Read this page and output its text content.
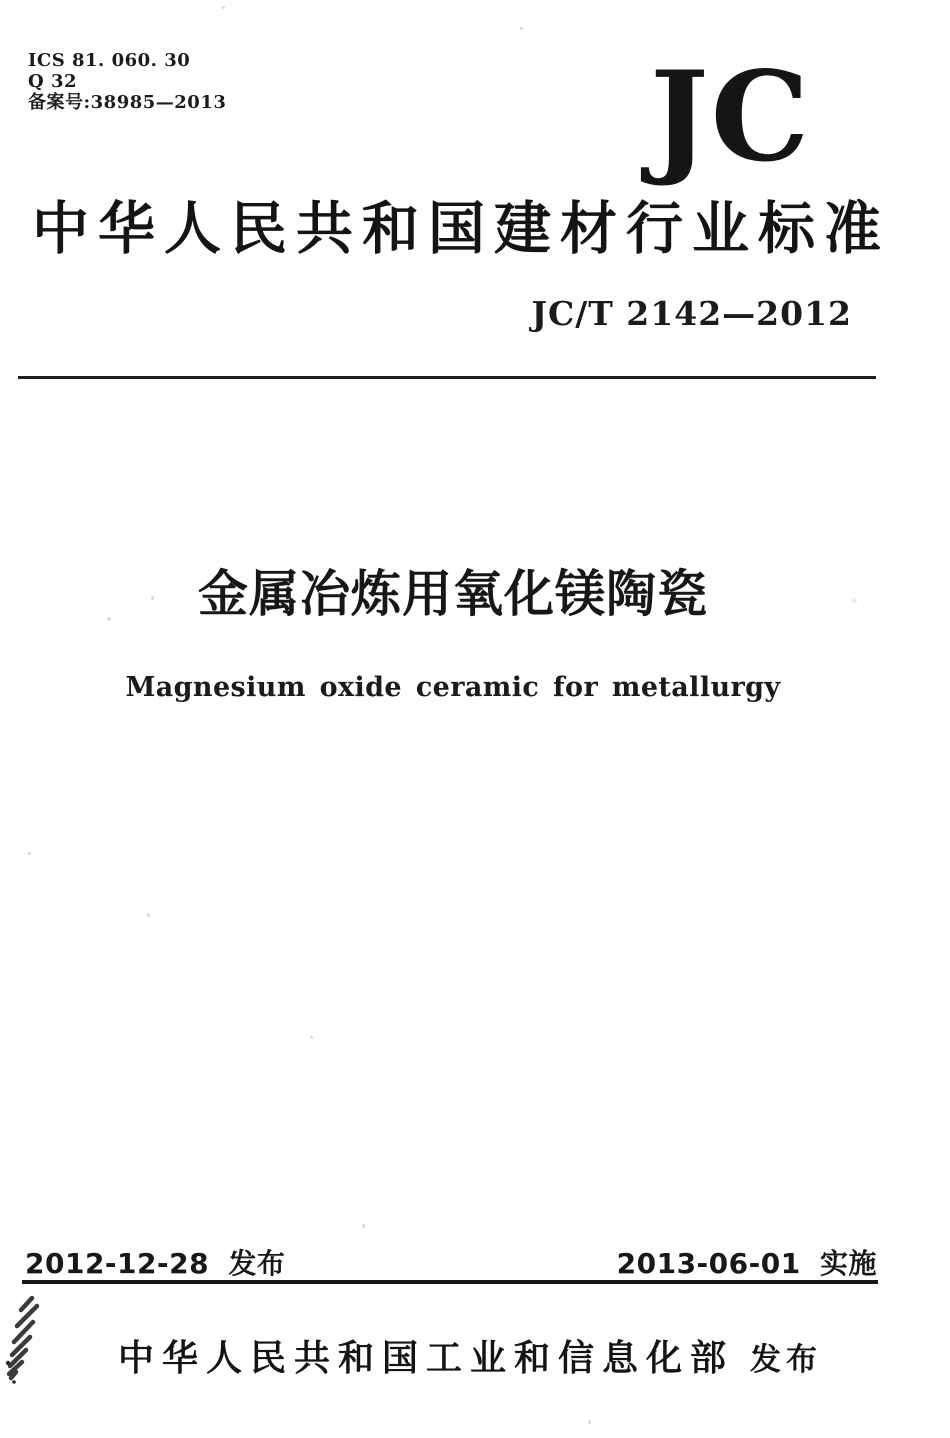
ICS 81. 060. 30
Q 32
备案号:38985—2013	JC
中华人民共和国建材行业标准
JC/T 2142—2012
金属冶炼用氧化镁陶瓷
Magnesium oxide ceramic for metallurgy
2012-12-28 发布	2013-06-01 实施
中华人民共和国工业和信息化部 发布
